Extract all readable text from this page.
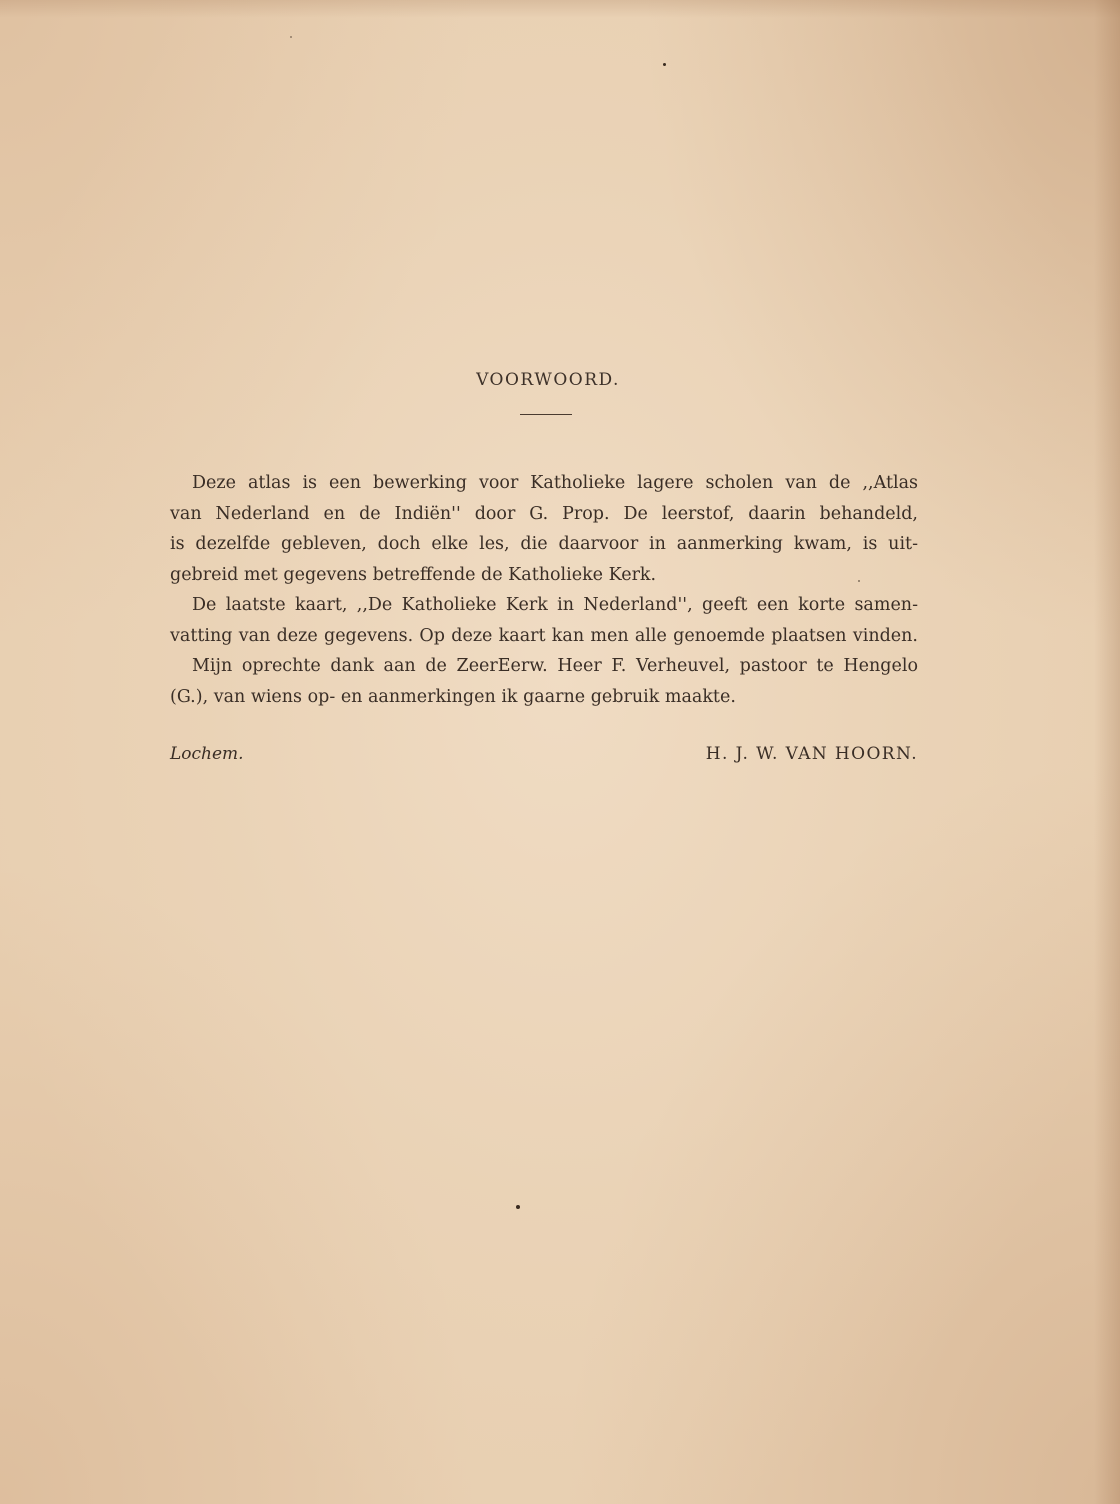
VOORWOORD.

Deze atlas is een bewerking voor Katholieke lagere scholen van de ,,Atlas
van Nederland en de Indiën'' door G. Prop. De leerstof, daarin behandeld,
is dezelfde gebleven, doch elke les, die daarvoor in aanmerking kwam, is uit-
gebreid met gegevens betreffende de Katholieke Kerk.

De laatste kaart, ,,De Katholieke Kerk in Nederland'', geeft een korte samen-
vatting van deze gegevens. Op deze kaart kan men alle genoemde plaatsen vinden.

Mijn oprechte dank aan de ZeerEerw. Heer F. Verheuvel, pastoor te Hengelo
(G.), van wiens op- en aanmerkingen ik gaarne gebruik maakte.

Lochem.	H. J. W. VAN HOORN.
